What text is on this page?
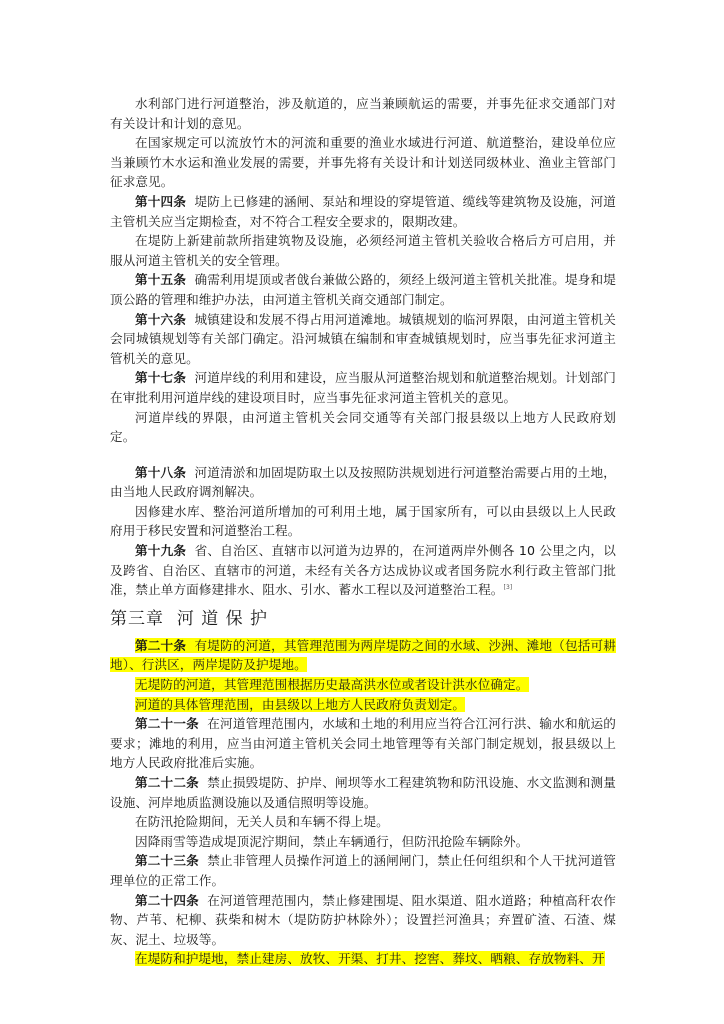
水利部门进行河道整治，涉及航道的，应当兼顾航运的需要，并事先征求交通部门对有关设计和计划的意见。

在国家规定可以流放竹木的河流和重要的渔业水域进行河道、航道整治，建设单位应当兼顾竹木水运和渔业发展的需要，并事先将有关设计和计划送同级林业、渔业主管部门征求意见。

第十四条 堤防上已修建的涵闸、泵站和埋设的穿堤管道、缆线等建筑物及设施，河道主管机关应当定期检查，对不符合工程安全要求的，限期改建。

在堤防上新建前款所指建筑物及设施，必须经河道主管机关验收合格后方可启用，并服从河道主管机关的安全管理。

第十五条 确需利用堤顶或者戗台兼做公路的，须经上级河道主管机关批准。堤身和堤顶公路的管理和维护办法，由河道主管机关商交通部门制定。

第十六条 城镇建设和发展不得占用河道滩地。城镇规划的临河界限，由河道主管机关会同城镇规划等有关部门确定。沿河城镇在编制和审查城镇规划时，应当事先征求河道主管机关的意见。

第十七条 河道岸线的利用和建设，应当服从河道整治规划和航道整治规划。计划部门在审批利用河道岸线的建设项目时，应当事先征求河道主管机关的意见。

河道岸线的界限，由河道主管机关会同交通等有关部门报县级以上地方人民政府划定。

第十八条 河道清淤和加固堤防取土以及按照防洪规划进行河道整治需要占用的土地，由当地人民政府调剂解决。

因修建水库、整治河道所增加的可利用土地，属于国家所有，可以由县级以上人民政府用于移民安置和河道整治工程。

第十九条 省、自治区、直辖市以河道为边界的，在河道两岸外侧各 10 公里之内，以及跨省、自治区、直辖市的河道，未经有关各方达成协议或者国务院水利行政主管部门批准，禁止单方面修建排水、阻水、引水、蓄水工程以及河道整治工程。[3]

第三章 河 道 保 护

第二十条 有堤防的河道，其管理范围为两岸堤防之间的水域、沙洲、滩地（包括可耕地）、行洪区，两岸堤防及护堤地。

无堤防的河道，其管理范围根据历史最高洪水位或者设计洪水位确定。

河道的具体管理范围，由县级以上地方人民政府负责划定。

第二十一条 在河道管理范围内，水域和土地的利用应当符合江河行洪、输水和航运的要求；滩地的利用，应当由河道主管机关会同土地管理等有关部门制定规划，报县级以上地方人民政府批准后实施。

第二十二条 禁止损毁堤防、护岸、闸坝等水工程建筑物和防汛设施、水文监测和测量设施、河岸地质监测设施以及通信照明等设施。

在防汛抢险期间，无关人员和车辆不得上堤。

因降雨雪等造成堤顶泥泞期间，禁止车辆通行，但防汛抢险车辆除外。

第二十三条 禁止非管理人员操作河道上的涵闸闸门，禁止任何组织和个人干扰河道管理单位的正常工作。

第二十四条 在河道管理范围内，禁止修建围堤、阻水渠道、阻水道路；种植高秆农作物、芦苇、杞柳、荻柴和树木（堤防防护林除外）；设置拦河渔具；弃置矿渣、石渣、煤灰、泥土、垃圾等。

在堤防和护堤地，禁止建房、放牧、开渠、打井、挖窖、葬坟、晒粮、存放物料、开
